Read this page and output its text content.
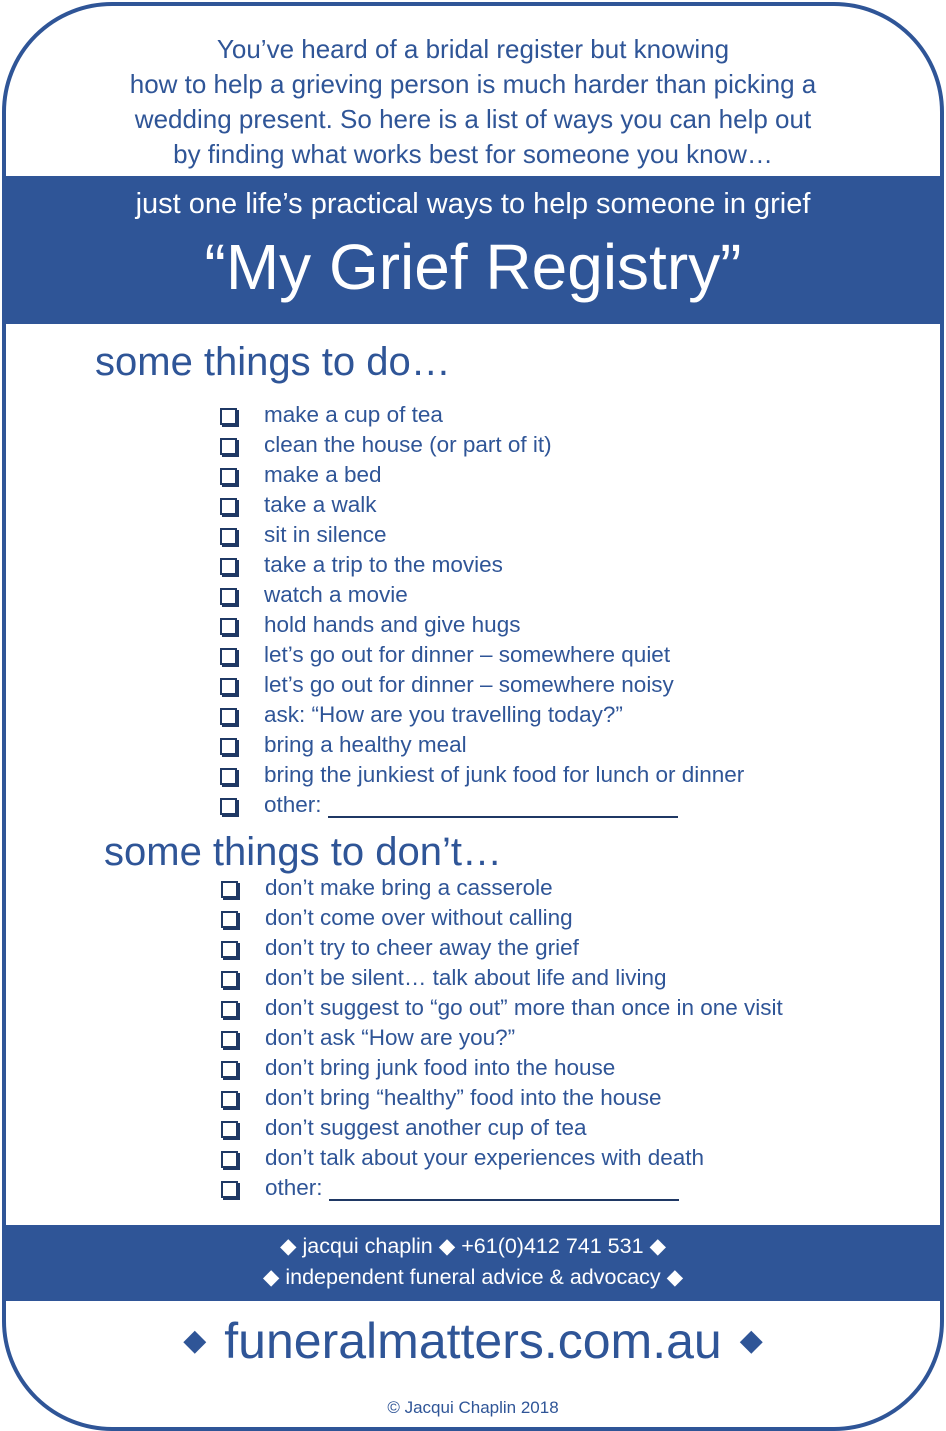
You’ve heard of a bridal register but knowing
how to help a grieving person is much harder than picking a
wedding present. So here is a list of ways you can help out
by finding what works best for someone you know…
just one life’s practical ways to help someone in grief
“My Grief Registry”
some things to do…
make a cup of tea
clean the house (or part of it)
make a bed
take a walk
sit in silence
take a trip to the movies
watch a movie
hold hands and give hugs
let’s go out for dinner – somewhere quiet
let’s go out for dinner – somewhere noisy
ask: “How are you travelling today?”
bring a healthy meal
bring the junkiest of junk food for lunch or dinner
other:
some things to don’t…
don’t make bring a casserole
don’t come over without calling
don’t try to cheer away the grief
don’t be silent… talk about life and living
don’t suggest to “go out” more than once in one visit
don’t ask “How are you?”
don’t bring junk food into the house
don’t bring “healthy” food into the house
don’t suggest another cup of tea
don’t talk about your experiences with death
other:
◆ jacqui chaplin ◆ +61(0)412 741 531 ◆
◆ independent funeral advice & advocacy ◆
◆ funeralmatters.com.au ◆
© Jacqui Chaplin 2018
